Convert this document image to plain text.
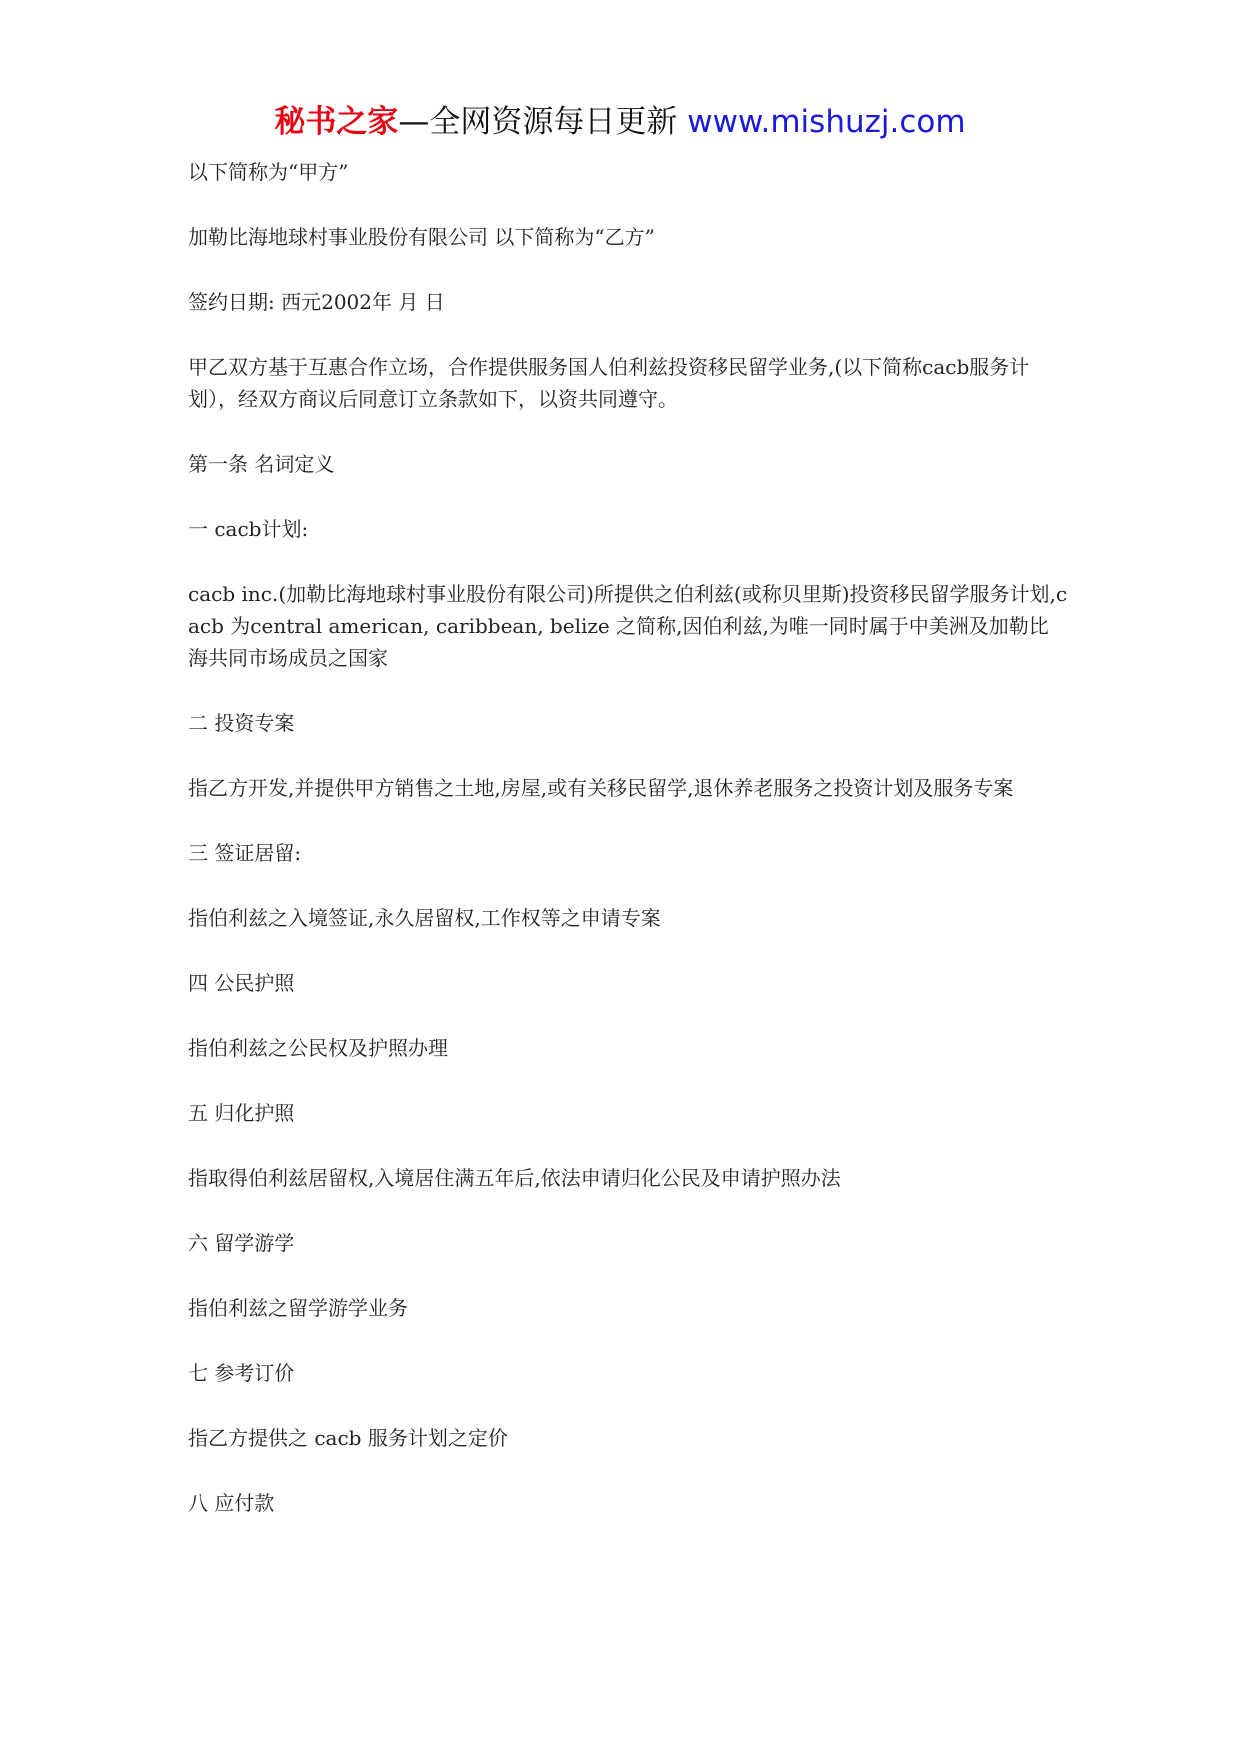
秘书之家—全网资源每日更新 www.mishuzj.com

以下简称为“甲方”

加勒比海地球村事业股份有限公司 以下简称为“乙方”

签约日期: 西元2002年 月 日

甲乙双方基于互惠合作立场，合作提供服务国人伯利兹投资移民留学业务,(以下简称cacb服务计划），经双方商议后同意订立条款如下，以资共同遵守。

第一条 名词定义

一 cacb计划:

cacb inc.(加勒比海地球村事业股份有限公司)所提供之伯利兹(或称贝里斯)投资移民留学服务计划,cacb 为central american, caribbean, belize 之简称,因伯利兹,为唯一同时属于中美洲及加勒比海共同市场成员之国家

二 投资专案

指乙方开发,并提供甲方销售之土地,房屋,或有关移民留学,退休养老服务之投资计划及服务专案

三 签证居留:

指伯利兹之入境签证,永久居留权,工作权等之申请专案

四 公民护照

指伯利兹之公民权及护照办理

五 归化护照

指取得伯利兹居留权,入境居住满五年后,依法申请归化公民及申请护照办法

六 留学游学

指伯利兹之留学游学业务

七 参考订价

指乙方提供之 cacb 服务计划之定价

八 应付款
